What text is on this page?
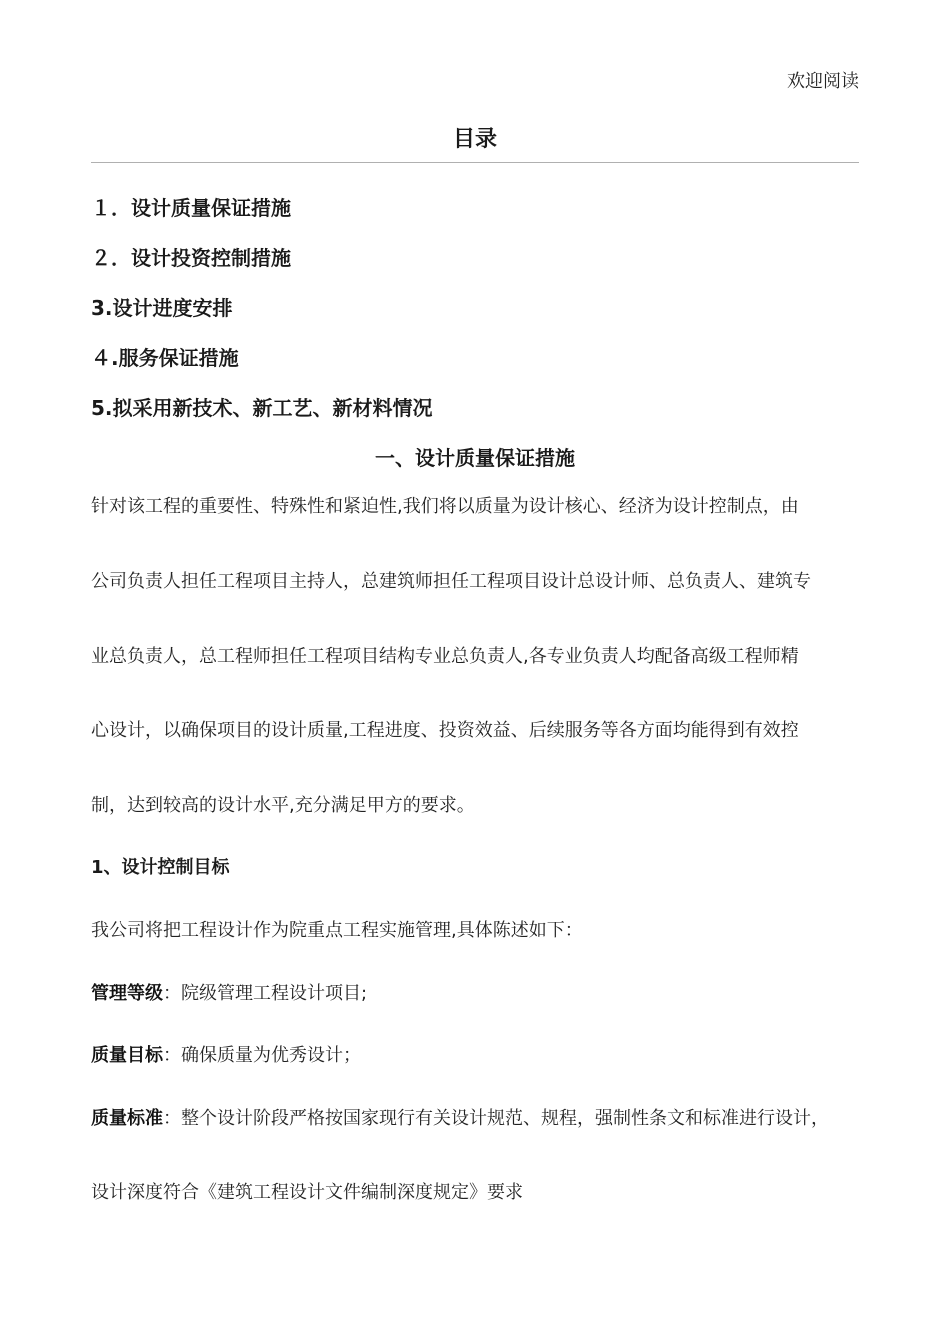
欢迎阅读
目录
１．设计质量保证措施
２．设计投资控制措施
3.设计进度安排
４.服务保证措施
5.拟采用新技术、新工艺、新材料情况
一、设计质量保证措施
针对该工程的重要性、特殊性和紧迫性,我们将以质量为设计核心、经济为设计控制点，由
公司负责人担任工程项目主持人，总建筑师担任工程项目设计总设计师、总负责人、建筑专
业总负责人，总工程师担任工程项目结构专业总负责人,各专业负责人均配备高级工程师精
心设计，以确保项目的设计质量,工程进度、投资效益、后续服务等各方面均能得到有效控
制，达到较高的设计水平,充分满足甲方的要求。
1、设计控制目标
我公司将把工程设计作为院重点工程实施管理,具体陈述如下：
管理等级：院级管理工程设计项目;
质量目标：确保质量为优秀设计；
质量标准：整个设计阶段严格按国家现行有关设计规范、规程，强制性条文和标准进行设计，
设计深度符合《建筑工程设计文件编制深度规定》要求
